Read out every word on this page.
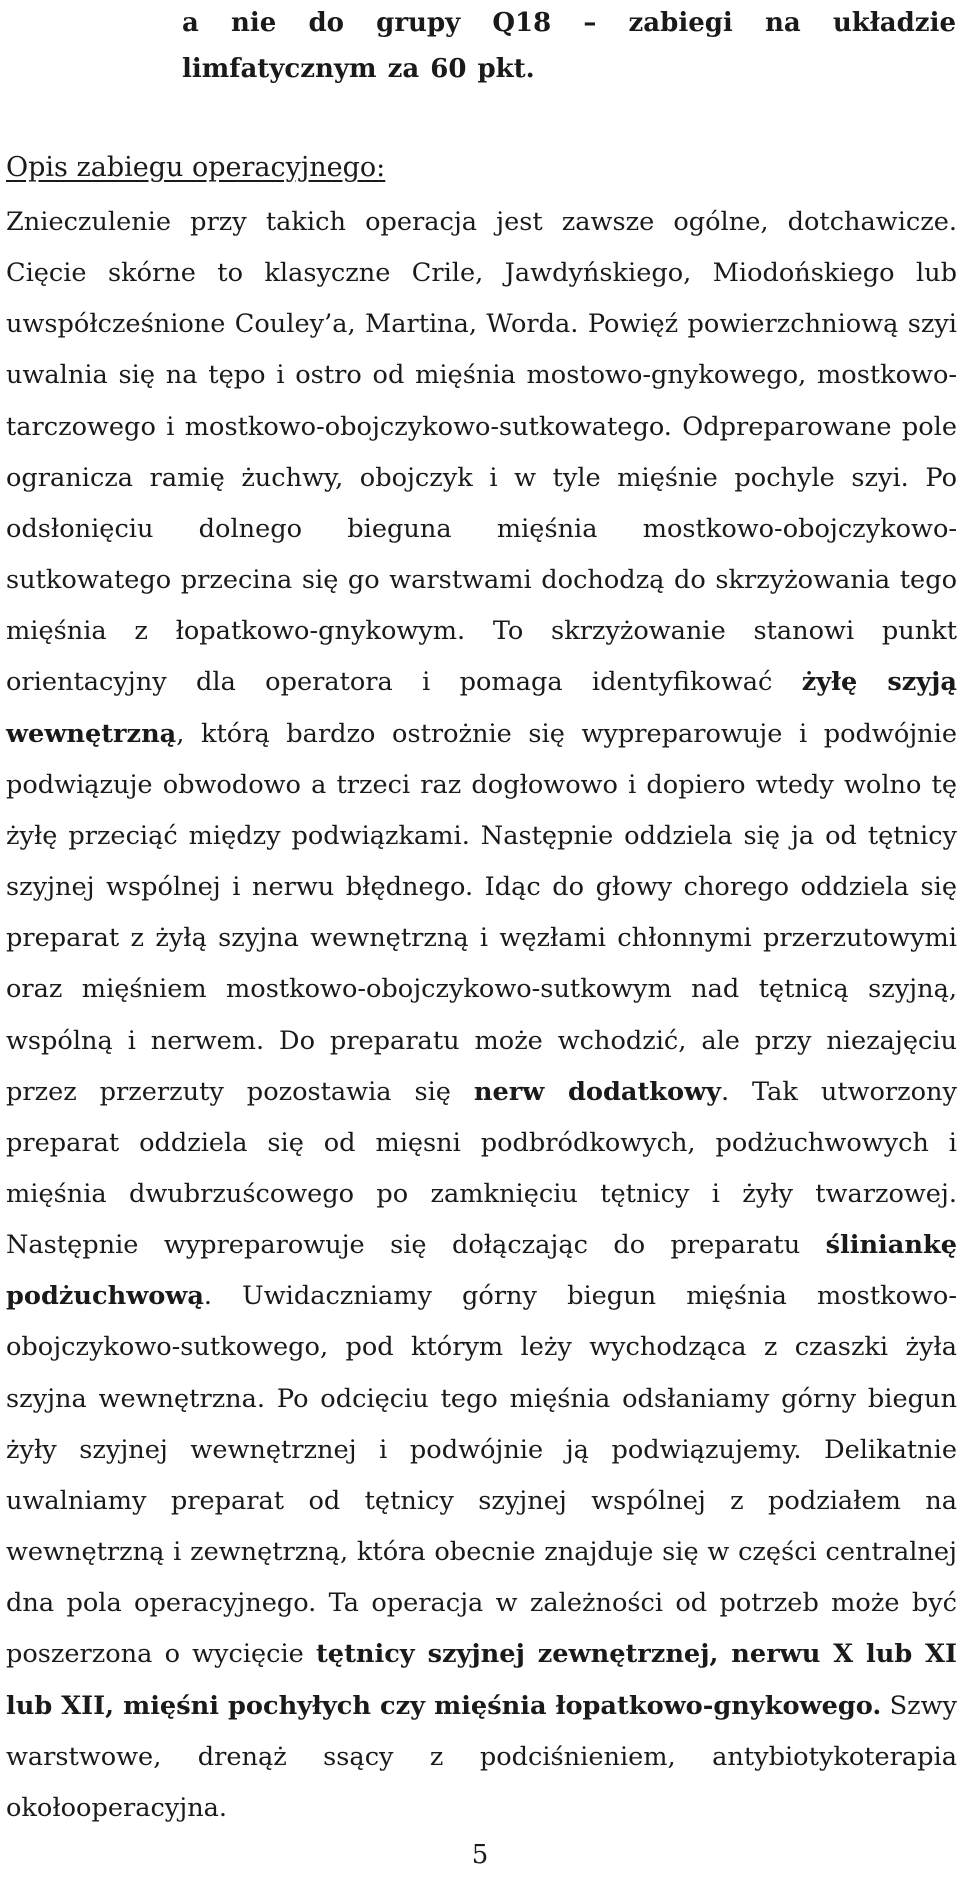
a nie do grupy Q18 – zabiegi na układzie
limfatycznym za 60 pkt.
Opis zabiegu operacyjnego:

Znieczulenie przy takich operacja jest zawsze ogólne, dotchawicze. Cięcie skórne to klasyczne Crile, Jawdyńskiego, Miodońskiego lub uwspółcześnione Couley’a, Martina, Worda. Powięź powierzchniową szyi uwalnia się na tępo i ostro od mięśnia mostowo-gnykowego, mostkowo-tarczowego i mostkowo-obojczykowo-sutkowatego. Odpreparowane pole ogranicza ramię żuchwy, obojczyk i w tyle mięśnie pochyle szyi. Po odsłonięciu dolnego bieguna mięśnia mostkowo-obojczykowo-sutkowatego przecina się go warstwami dochodzą do skrzyżowania tego mięśnia z łopatkowo-gnykowym. To skrzyżowanie stanowi punkt orientacyjny dla operatora i pomaga identyfikować żyłę szyją wewnętrzną, którą bardzo ostrożnie się wypreparowuje i podwójnie podwiązuje obwodowo a trzeci raz dogłowowo i dopiero wtedy wolno tę żyłę przeciąć między podwiązkami. Następnie oddziela się ja od tętnicy szyjnej wspólnej i nerwu błędnego. Idąc do głowy chorego oddziela się preparat z żyłą szyjna wewnętrzną i węzłami chłonnymi przerzutowymi oraz mięśniem mostkowo-obojczykowo-sutkowym nad tętnicą szyjną, wspólną i nerwem. Do preparatu może wchodzić, ale przy niezajęciu przez przerzuty pozostawia się nerw dodatkowy. Tak utworzony preparat oddziela się od mięsni podbródkowych, podżuchwowych i mięśnia dwubrzuścowego po zamknięciu tętnicy i żyły twarzowej. Następnie wypreparowuje się dołączając do preparatu śliniankę podżuchwową. Uwidaczniamy górny biegun mięśnia mostkowo-obojczykowo-sutkowego, pod którym leży wychodząca z czaszki żyła szyjna wewnętrzna. Po odcięciu tego mięśnia odsłaniamy górny biegun żyły szyjnej wewnętrznej i podwójnie ją podwiązujemy. Delikatnie uwalniamy preparat od tętnicy szyjnej wspólnej z podziałem na wewnętrzną i zewnętrzną, która obecnie znajduje się w części centralnej dna pola operacyjnego. Ta operacja w zależności od potrzeb może być poszerzona o wycięcie tętnicy szyjnej zewnętrznej, nerwu X lub XI lub XII, mięśni pochyłych czy mięśnia łopatkowo-gnykowego. Szwy warstwowe, drenąż ssący z podciśnieniem, antybiotykoterapia okołooperacyjna.

5
